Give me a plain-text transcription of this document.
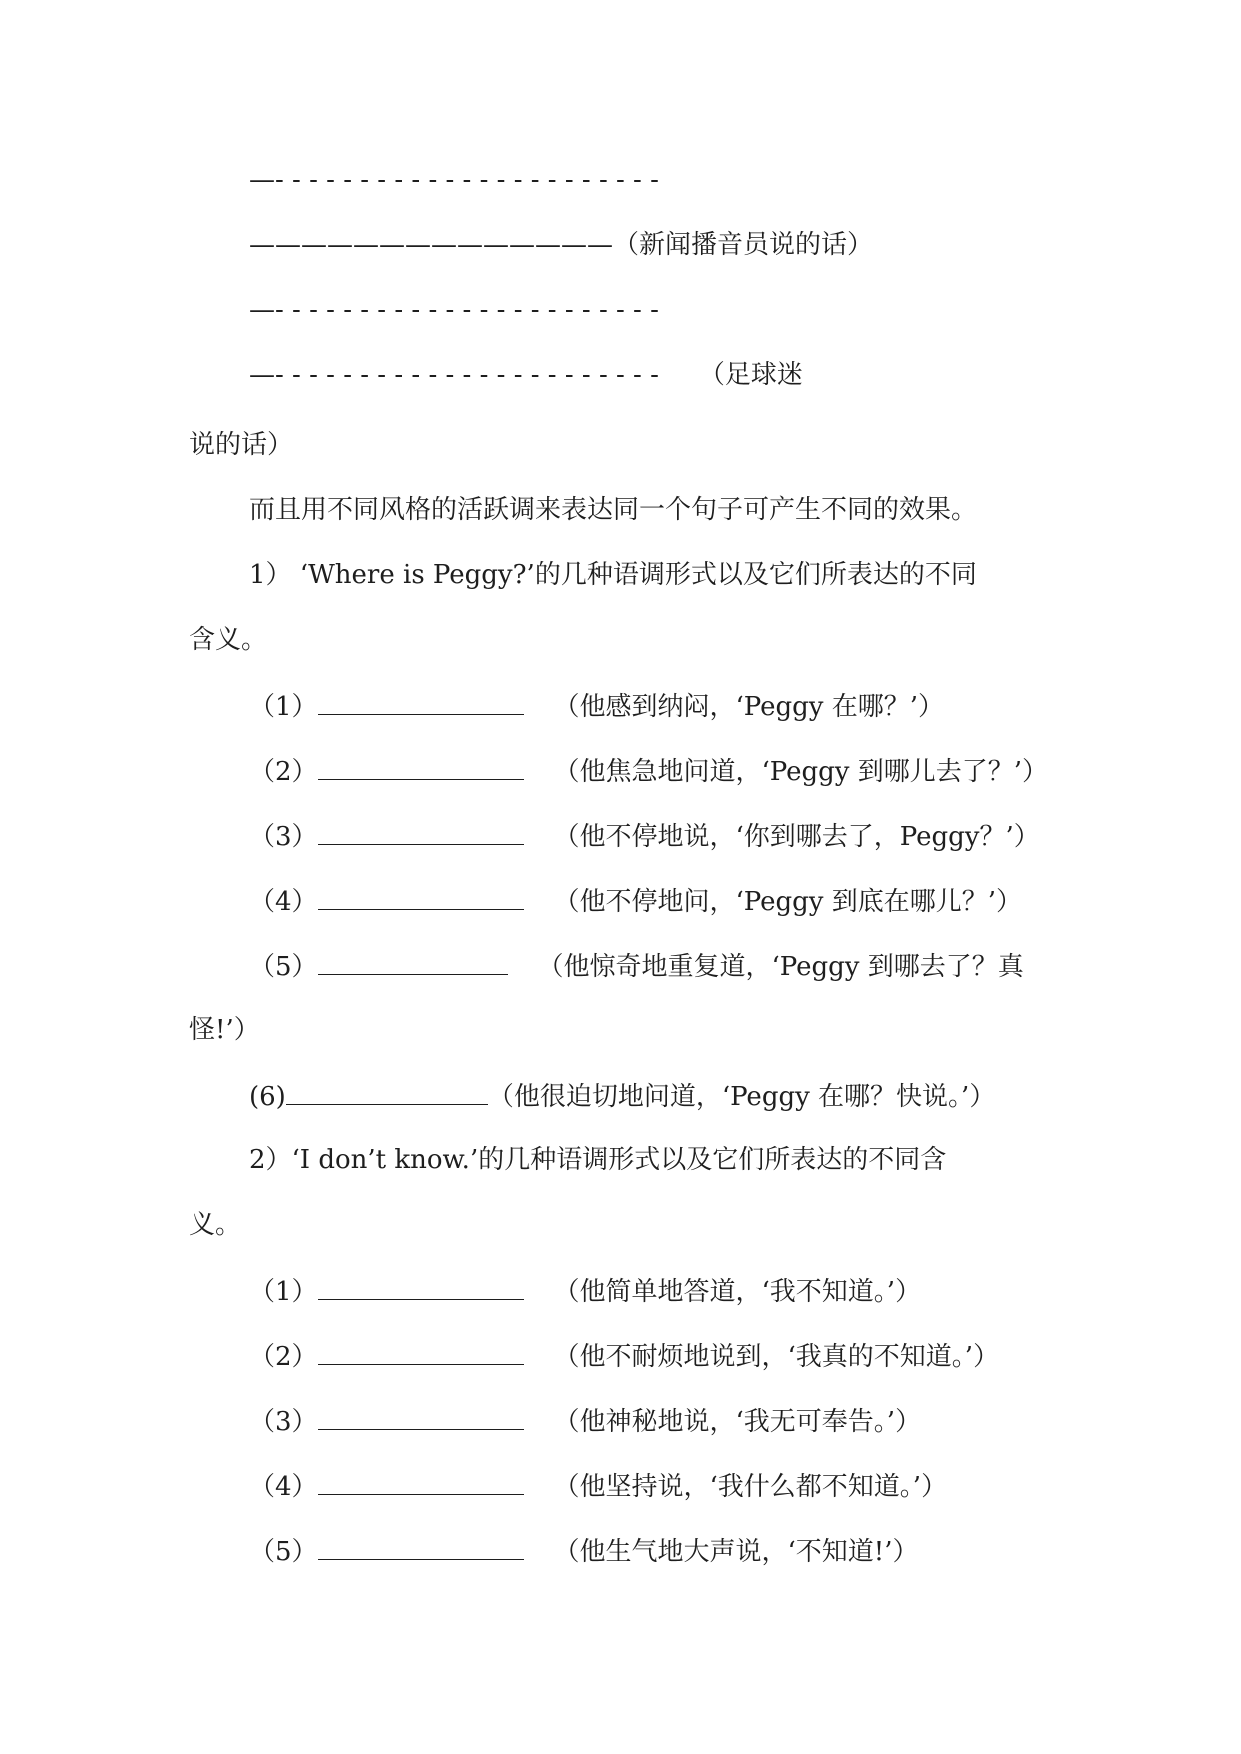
—- - - - - - - - - - - - - - - - - - - - - - -

——————————————（新闻播音员说的话）

—- - - - - - - - - - - - - - - - - - - - - - -

—- - - - - - - - - - - - - - - - - - - - - - - （足球迷

说的话）

而且用不同风格的活跃调来表达同一个句子可产生不同的效果。

1） ‘Where is Peggy?’的几种语调形式以及它们所表达的不同

含义。

（1）	（他感到纳闷，‘Peggy 在哪？’）

（2）	（他焦急地问道，‘Peggy 到哪儿去了？’）

（3）	（他不停地说，‘你到哪去了，Peggy？’）

（4）	（他不停地问，‘Peggy 到底在哪儿？’）

（5）	（他惊奇地重复道，‘Peggy 到哪去了？真

怪!’）

(6)	（他很迫切地问道，‘Peggy 在哪？快说。’）

2）‘I don’t know.’的几种语调形式以及它们所表达的不同含

义。

（1）	（他简单地答道，‘我不知道。’）

（2）	（他不耐烦地说到，‘我真的不知道。’）

（3）	（他神秘地说，‘我无可奉告。’）

（4）	（他坚持说，‘我什么都不知道。’）

（5）	（他生气地大声说，‘不知道!’）
